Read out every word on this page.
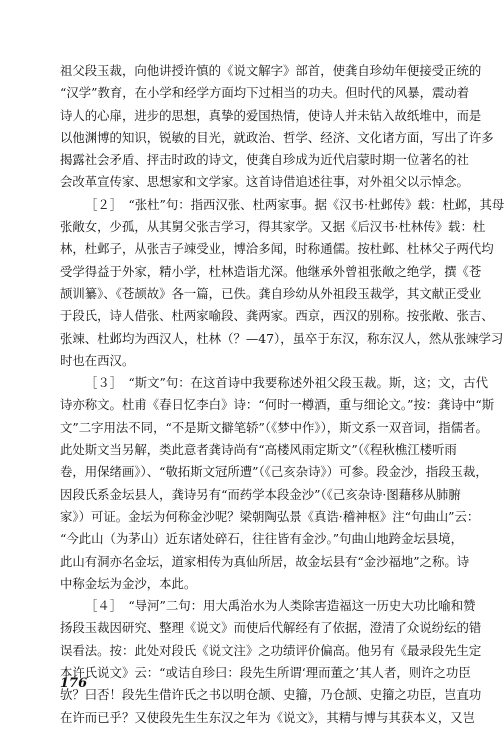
祖父段玉裁，向他讲授许慎的《说文解字》部首，使龚自珍幼年便接受正统的
“汉学”教育，在小学和经学方面均下过相当的功夫。但时代的风暴，震动着
诗人的心扉，进步的思想，真挚的爱国热情，使诗人并未钻入故纸堆中，而是
以他渊博的知识，锐敏的目光，就政治、哲学、经济、文化诸方面，写出了许多
揭露社会矛盾、抨击时政的诗文，使龚自珍成为近代启蒙时期一位著名的社
会改革宣传家、思想家和文学家。这首诗借追述往事，对外祖父以示悼念。
［２］　“张杜”句：指西汉张、杜两家事。据《汉书·杜邺传》载：杜邺，其母
张敞女，少孤，从其舅父张吉学习，得其家学。又据《后汉书·杜林传》载：杜
林，杜邺子，从张吉子竦受业，博洽多闻，时称通儒。按杜邺、杜林父子两代均
受学得益于外家，精小学，杜林造诣尤深。他继承外曾祖张敞之绝学，撰《苍
颉训纂》、《苍颉故》各一篇，已佚。龚自珍幼从外祖段玉裁学，其文献正受业
于段氏，诗人借张、杜两家喻段、龚两家。西京，西汉的别称。按张敞、张吉、
张竦、杜邺均为西汉人，杜林（？—47），虽卒于东汉，称东汉人，然从张竦学习
时也在西汉。
［３］　“斯文”句：在这首诗中我要称述外祖父段玉裁。斯，这；文，古代
诗亦称文。杜甫《春日忆李白》诗：“何时一樽酒，重与细论文。”按：龚诗中“斯
文”二字用法不同，“不是斯文擗笔轿”（《梦中作》），斯文系一双音词，指儒者。
此处斯文当另解，类此意者龚诗尚有“高楼风雨定斯文”（《程秋樵江楼听雨
卷，用保绪画》）、“敬拓斯文冠所遭”（《己亥杂诗》）可参。段金沙，指段玉裁，
因段氏系金坛县人，龚诗另有“而药学本段金沙”（《己亥杂诗·图藉移从肺腑
家》）可证。金坛为何称金沙呢？梁朝陶弘景《真诰·稽神枢》注“句曲山”云：
“今此山（为茅山）近东诸处碎石，往往皆有金沙。”句曲山地跨金坛县境，
此山有洞亦名金坛，道家相传为真仙所居，故金坛县有“金沙福地”之称。诗
中称金坛为金沙，本此。
［４］　“导河”二句：用大禹治水为人类除害造福这一历史大功比喻和赞
扬段玉裁因研究、整理《说文》而使后代解经有了依据，澄清了众说纷纭的错
误看法。按：此处对段氏《说文注》之功绩评价偏高。他另有《最录段先生定
本许氏说文》云：“或诘自珍曰：段先生所谓‘理而董之’其人者，则许之功臣
欤？曰否！段先生借许氏之书以明仓颉、史籀，乃仓颉、史籀之功臣，岂直功
在许而已乎？又使段先生生东汉之年为《说文》，其精与博与其获本义，又岂
176
